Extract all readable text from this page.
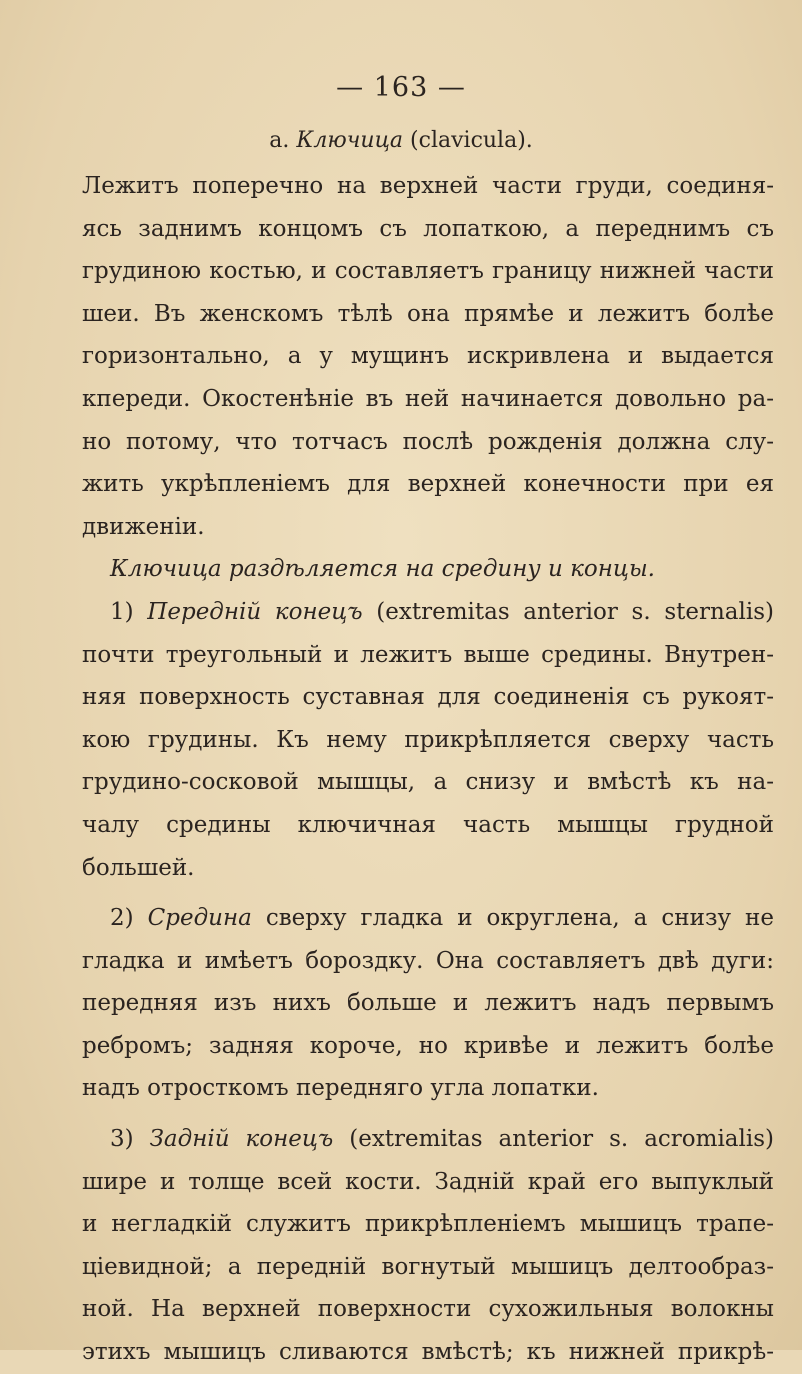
— 163 —
a. Ключица (clavicula).
Лежитъ поперечно на верхней части груди, соединя-
ясь заднимъ концомъ съ лопаткою, а переднимъ съ
грудиною костью, и составляетъ границу нижней части
шеи. Въ женскомъ тѣлѣ она прямѣе и лежитъ болѣе
горизонтально, а у мущинъ искривлена и выдается
кпереди. Окостенѣніе въ ней начинается довольно ра-
но потому, что тотчасъ послѣ рожденія должна слу-
жить укрѣпленіемъ для верхней конечности при ея
движеніи.
Ключица раздѣляется на средину и концы.
1) Передній конецъ (extremitas anterior s. sternalis)
почти треугольный и лежитъ выше средины. Внутрен-
няя поверхность суставная для соединенія съ рукоят-
кою грудины. Къ нему прикрѣпляется сверху часть
грудино-сосковой мышцы, а снизу и вмѣстѣ къ на-
чалу средины ключичная часть мышцы грудной
большей.
2) Средина сверху гладка и округлена, а снизу не
гладка и имѣетъ бороздку. Она составляетъ двѣ дуги:
передняя изъ нихъ больше и лежитъ надъ первымъ
ребромъ; задняя короче, но кривѣе и лежитъ болѣе
надъ отросткомъ передняго угла лопатки.
3) Задній конецъ (extremitas anterior s. acromialis)
шире и толще всей кости. Задній край его выпуклый
и негладкій служитъ прикрѣпленіемъ мышицъ трапе-
ціевидной; а передній вогнутый мышицъ делтообраз-
ной. На верхней поверхности сухожильныя волокны
этихъ мышицъ сливаются вмѣстѣ; къ нижней прикрѣ-
